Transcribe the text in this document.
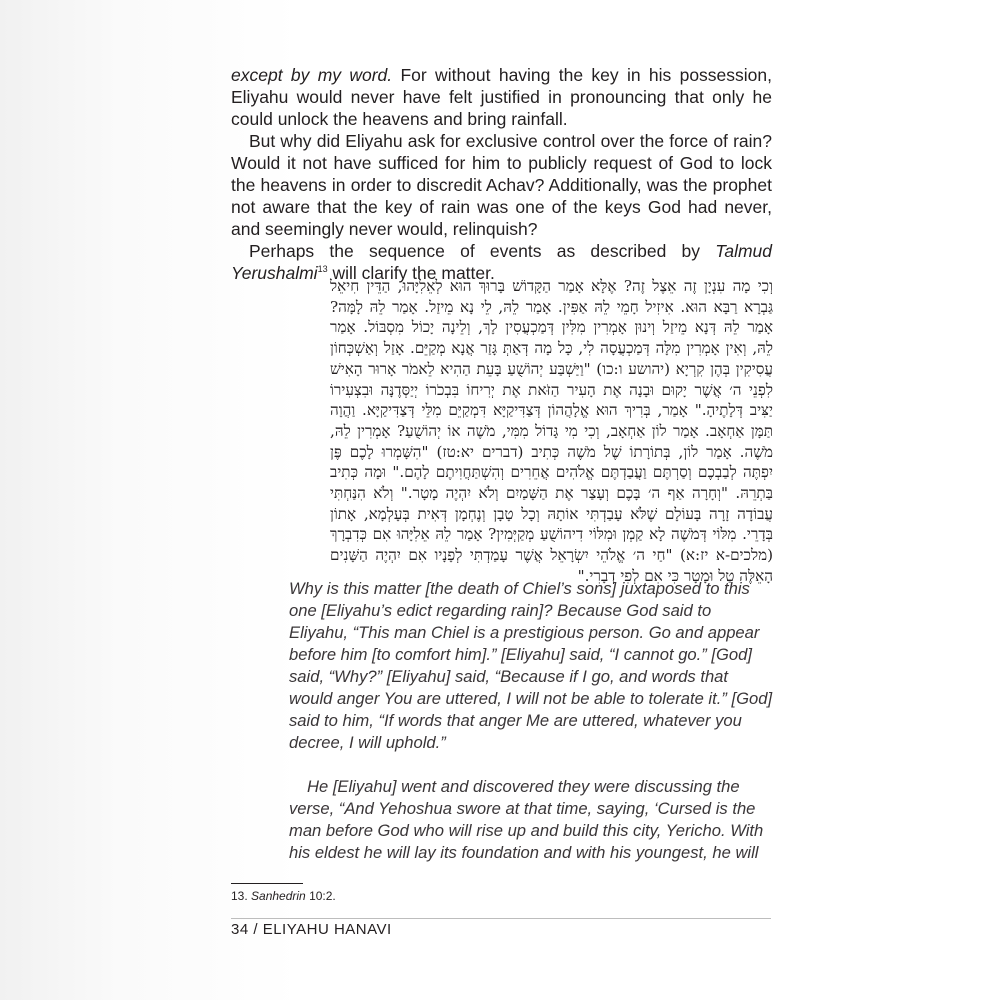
except by my word. For without having the key in his possession, Eliyahu would never have felt justified in pronouncing that only he could unlock the heavens and bring rainfall.

But why did Eliyahu ask for exclusive control over the force of rain? Would it not have sufficed for him to publicly request of God to lock the heavens in order to discredit Achav? Additionally, was the prophet not aware that the key of rain was one of the keys God had never, and seemingly never would, relinquish?

Perhaps the sequence of events as described by Talmud Yerushalmi$^{13}$ will clarify the matter.

וְכִי מָה עִנְיָן זֶה אֵצֶל זֶה? אֶלָּא אָמַר הַקָּדוֹשׁ בָּרוּךְ הוּא לְאֵלִיָּהוּ, הַדֵּין חִיאֵל
גַּבְרָא רַבָּא הוּא. אִיזִיל חָמֵי לֵהּ אַפִּין. אָמַר לֵהּ, לֵי נָא מֵיזַל. אָמַר לֵהּ לָמָּה?
אָמַר לֵהּ דְּנָא מֵיזַל וְינוּן אָמְרִין מִלִּין דְּמַכְעֲסִין לָךְ, וְלֵינָה יָכוֹל מִסְבּוֹל. אָמַר
לֵהּ, וְאִין אָמְרִין מִלָּה דְּמַכְעֲסָה לִי, כָּל מָה דְּאַתְּ גָּזַר אֲנָא מְקַיֵּם. אָזַל וְאַשְׁכְּחוֹן
עֲסִיקִין בְּהֶן קִרְיָא (יהושע ו:כו) "וַיַּשְׁבַּע יְהוֹשֻׁעַ בָּעֵת הַהִיא לֵאמֹר אָרוּר הָאִישׁ
לִפְנֵי ה׳ אֲשֶׁר יָקוּם וּבָנָה אֶת הָעִיר הַזֹּאת אֶת יְרִיחוֹ בִּבְכֹרוֹ יְיַסְּדֶנָּה וּבִצְעִירוֹ
יַצִּיב דְּלָתֶיהָ." אָמַר, בְּרִיךְ הוּא אֱלָהֲהוֹן דְּצַדִּיקַיָּא דִּמְקַיֵּם מִלֵּי דְּצַדִּיקַיָּא. וַהֲוָה
תַּמָּן אַחְאָב. אָמַר לוֹן אַחְאָב, וְכִי מִי גָּדוֹל מִמִּי, מֹשֶׁה אוֹ יְהוֹשֻׁעַ? אָמְרִין לֵהּ,
מֹשֶׁה. אָמַר לוֹן, בְּתוֹרָתוֹ שֶׁל מֹשֶׁה כְּתִיב (דברים יא:טז) "הִשָּׁמְרוּ לָכֶם פֶּן
יִפְתֶּה לְבַבְכֶם וְסַרְתֶּם וַעֲבַדְתֶּם אֱלֹהִים אֲחֵרִים וְהִשְׁתַּחֲוִיתֶם לָהֶם." וּמָה כְּתִיב
בַּתְרֵהּ. "וְחָרָה אַף ה׳ בָּכֶם וְעָצַר אֶת הַשָּׁמַיִם וְלֹא יִהְיֶה מָטָר." וְלֹא הִנַּחְתִּי
עֲבוֹדָה זָרָה בָּעוֹלָם שֶׁלֹּא עָבַדְתִּי אוֹתָהּ וְכָל טָבָן וְנֶחְמָן דְּאִית בְּעָלְמָא, אָתוֹן
בְּדָרֵי. מִלּוֹי דְּמֹשֶׁה לָא קַמְן וּמִלּוֹי דִיהוֹשֻׁעַ מְקַיְּמִין? אָמַר לֵהּ אֵלִיָּהוּ אִם כְּדִבְרָךְ
(מלכים-א יז:א) "חַי ה׳ אֱלֹהֵי יִשְׂרָאֵל אֲשֶׁר עָמַדְתִּי לְפָנָיו אִם יִהְיֶה הַשָּׁנִים
הָאֵלֶּה טַל וּמָטָר כִּי אִם לְפִי דְבָרִי."

Why is this matter [the death of Chiel’s sons] juxtaposed to this one [Eliyahu’s edict regarding rain]? Because God said to Eliyahu, “This man Chiel is a prestigious person. Go and appear before him [to comfort him].” [Eliyahu] said, “I cannot go.” [God] said, “Why?” [Eliyahu] said, “Because if I go, and words that would anger You are uttered, I will not be able to tolerate it.” [God] said to him, “If words that anger Me are uttered, whatever you decree, I will uphold.”

He [Eliyahu] went and discovered they were discussing the verse, “And Yehoshua swore at that time, saying, ‘Cursed is the man before God who will rise up and build this city, Yericho. With his eldest he will lay its foundation and with his youngest, he will

13. Sanhedrin 10:2.
34 / ELIYAHU HANAVI
